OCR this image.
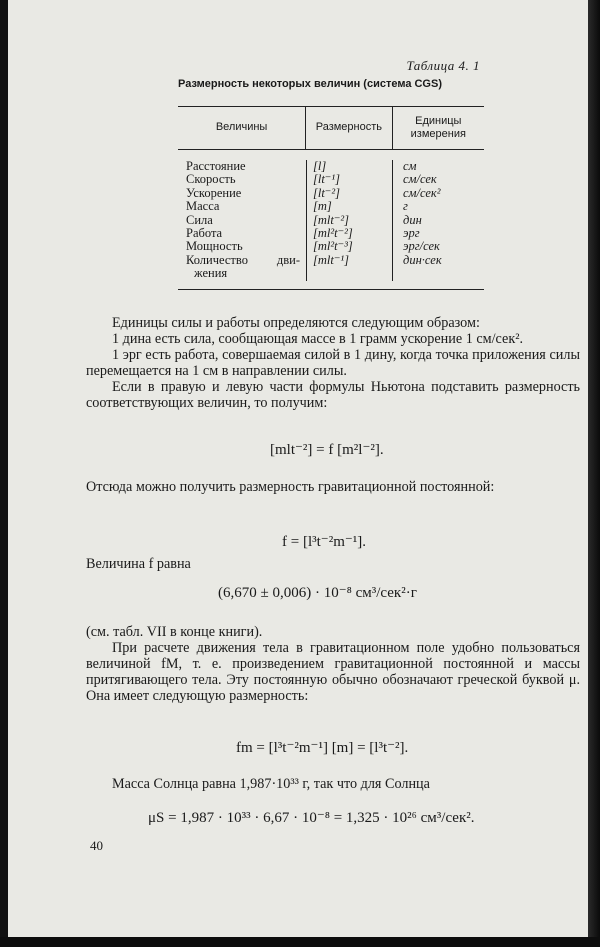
Таблица 4. 1
Размерность некоторых величин (система CGS)
Величины	Размерность
Единицы измерения
Расстояние
Скорость
Ускорение
Масса
Сила
Работа
Мощность
Количество дви-
жения
[l]
[lt⁻¹]
[lt⁻²]
[m]
[mlt⁻²]
[ml²t⁻²]
[ml²t⁻³]
[mlt⁻¹]
см
см/сек
см/сек²
г
дин
эрг
эрг/сек
дин·сек

Единицы силы и работы определяются следующим образом:

1 дина есть сила, сообщающая массе в 1 грамм ускорение 1 см/сек².

1 эрг есть работа, совершаемая силой в 1 дину, когда точка приложения силы перемещается на 1 см в направлении силы.

Если в правую и левую части формулы Ньютона подставить размерность соответствующих величин, то получим:

[mlt⁻²] = f [m²l⁻²].

Отсюда можно получить размерность гравитационной постоянной:

f = [l³t⁻²m⁻¹].

Величина f равна

(6,670 ± 0,006) · 10⁻⁸ см³/сек²·г

(см. табл. VII в конце книги).

При расчете движения тела в гравитационном поле удобно пользоваться величиной fM, т. е. произведением гравитационной постоянной и массы притягивающего тела. Эту постоянную обычно обозначают греческой буквой μ. Она имеет следующую размерность:

fm = [l³t⁻²m⁻¹] [m] = [l³t⁻²].

Масса Солнца равна 1,987·10³³ г, так что для Солнца

μS = 1,987 · 10³³ · 6,67 · 10⁻⁸ = 1,325 · 10²⁶ см³/сек².
40
